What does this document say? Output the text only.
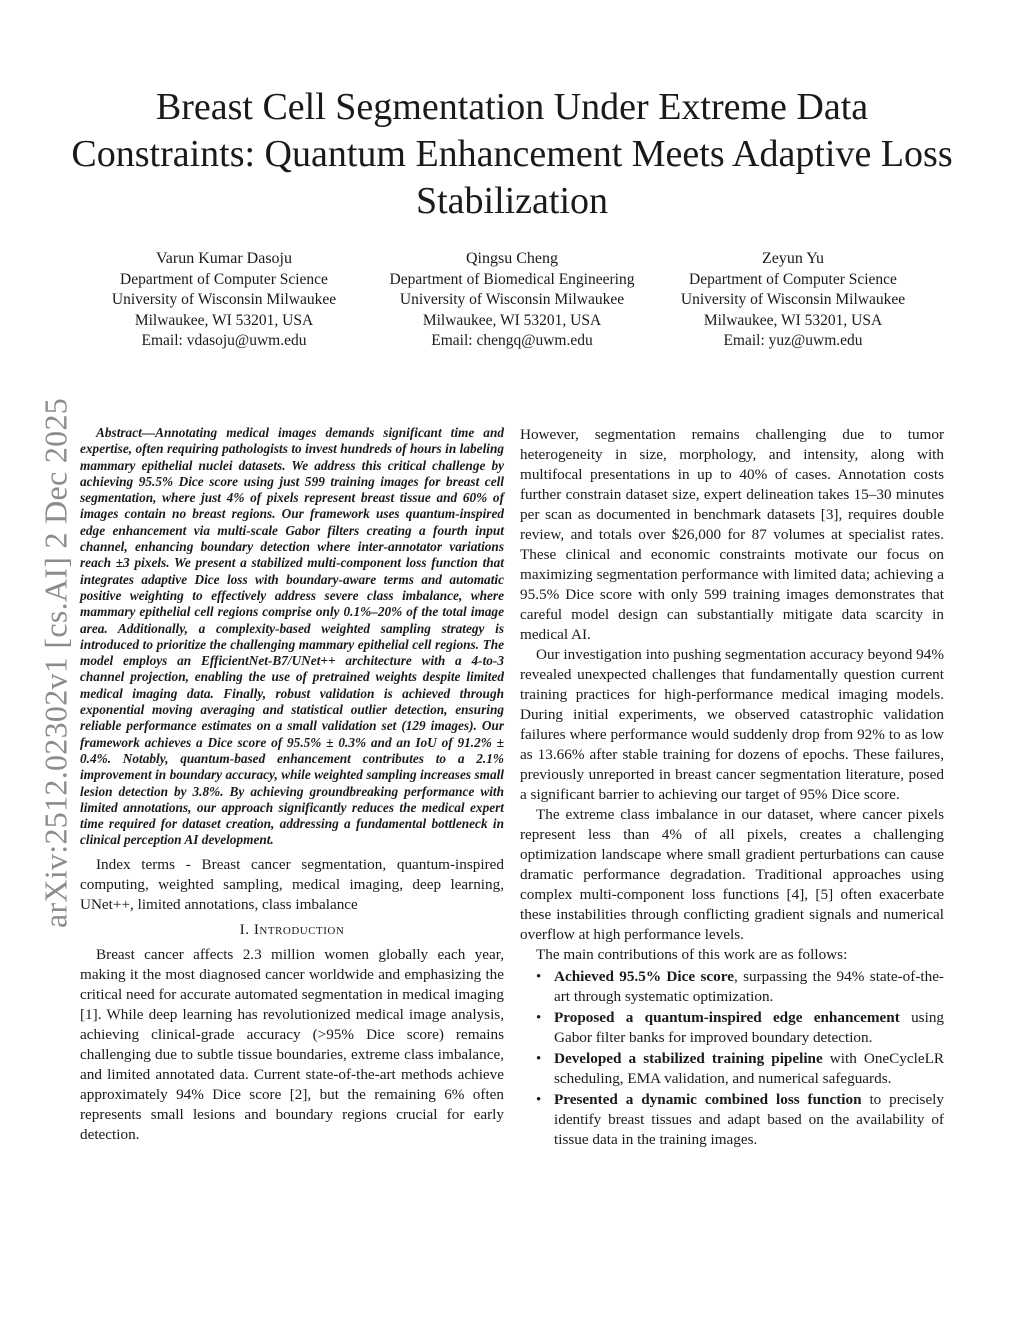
arXiv:2512.02302v1 [cs.AI] 2 Dec 2025
Breast Cell Segmentation Under Extreme Data Constraints: Quantum Enhancement Meets Adaptive Loss Stabilization
Varun Kumar Dasoju
Department of Computer Science
University of Wisconsin Milwaukee
Milwaukee, WI 53201, USA
Email: vdasoju@uwm.edu
Qingsu Cheng
Department of Biomedical Engineering
University of Wisconsin Milwaukee
Milwaukee, WI 53201, USA
Email: chengq@uwm.edu
Zeyun Yu
Department of Computer Science
University of Wisconsin Milwaukee
Milwaukee, WI 53201, USA
Email: yuz@uwm.edu

Abstract—Annotating medical images demands significant time and expertise, often requiring pathologists to invest hundreds of hours in labeling mammary epithelial nuclei datasets. We address this critical challenge by achieving 95.5% Dice score using just 599 training images for breast cell segmentation, where just 4% of pixels represent breast tissue and 60% of images contain no breast regions. Our framework uses quantum-inspired edge enhancement via multi-scale Gabor filters creating a fourth input channel, enhancing boundary detection where inter-annotator variations reach ±3 pixels. We present a stabilized multi-component loss function that integrates adaptive Dice loss with boundary-aware terms and automatic positive weighting to effectively address severe class imbalance, where mammary epithelial cell regions comprise only 0.1%–20% of the total image area. Additionally, a complexity-based weighted sampling strategy is introduced to prioritize the challenging mammary epithelial cell regions. The model employs an EfficientNet-B7/UNet++ architecture with a 4-to-3 channel projection, enabling the use of pretrained weights despite limited medical imaging data. Finally, robust validation is achieved through exponential moving averaging and statistical outlier detection, ensuring reliable performance estimates on a small validation set (129 images). Our framework achieves a Dice score of 95.5% ± 0.3% and an IoU of 91.2% ± 0.4%. Notably, quantum-based enhancement contributes to a 2.1% improvement in boundary accuracy, while weighted sampling increases small lesion detection by 3.8%. By achieving groundbreaking performance with limited annotations, our approach significantly reduces the medical expert time required for dataset creation, addressing a fundamental bottleneck in clinical perception AI development.

Index terms - Breast cancer segmentation, quantum-inspired computing, weighted sampling, medical imaging, deep learning, UNet++, limited annotations, class imbalance

I. Introduction

Breast cancer affects 2.3 million women globally each year, making it the most diagnosed cancer worldwide and emphasizing the critical need for accurate automated segmentation in medical imaging [1]. While deep learning has revolutionized medical image analysis, achieving clinical-grade accuracy (>95% Dice score) remains challenging due to subtle tissue boundaries, extreme class imbalance, and limited annotated data. Current state-of-the-art methods achieve approximately 94% Dice score [2], but the remaining 6% often represents small lesions and boundary regions crucial for early detection.

However, segmentation remains challenging due to tumor heterogeneity in size, morphology, and intensity, along with multifocal presentations in up to 40% of cases. Annotation costs further constrain dataset size, expert delineation takes 15–30 minutes per scan as documented in benchmark datasets [3], requires double review, and totals over $26,000 for 87 volumes at specialist rates. These clinical and economic constraints motivate our focus on maximizing segmentation performance with limited data; achieving a 95.5% Dice score with only 599 training images demonstrates that careful model design can substantially mitigate data scarcity in medical AI.

Our investigation into pushing segmentation accuracy beyond 94% revealed unexpected challenges that fundamentally question current training practices for high-performance medical imaging models. During initial experiments, we observed catastrophic validation failures where performance would suddenly drop from 92% to as low as 13.66% after stable training for dozens of epochs. These failures, previously unreported in breast cancer segmentation literature, posed a significant barrier to achieving our target of 95% Dice score.

The extreme class imbalance in our dataset, where cancer pixels represent less than 4% of all pixels, creates a challenging optimization landscape where small gradient perturbations can cause dramatic performance degradation. Traditional approaches using complex multi-component loss functions [4], [5] often exacerbate these instabilities through conflicting gradient signals and numerical overflow at high performance levels.

The main contributions of this work are as follows:

• Achieved 95.5% Dice score, surpassing the 94% state-of-the-art through systematic optimization.
• Proposed a quantum-inspired edge enhancement using Gabor filter banks for improved boundary detection.
• Developed a stabilized training pipeline with OneCycleLR scheduling, EMA validation, and numerical safeguards.
• Presented a dynamic combined loss function to precisely identify breast tissues and adapt based on the availability of tissue data in the training images.
